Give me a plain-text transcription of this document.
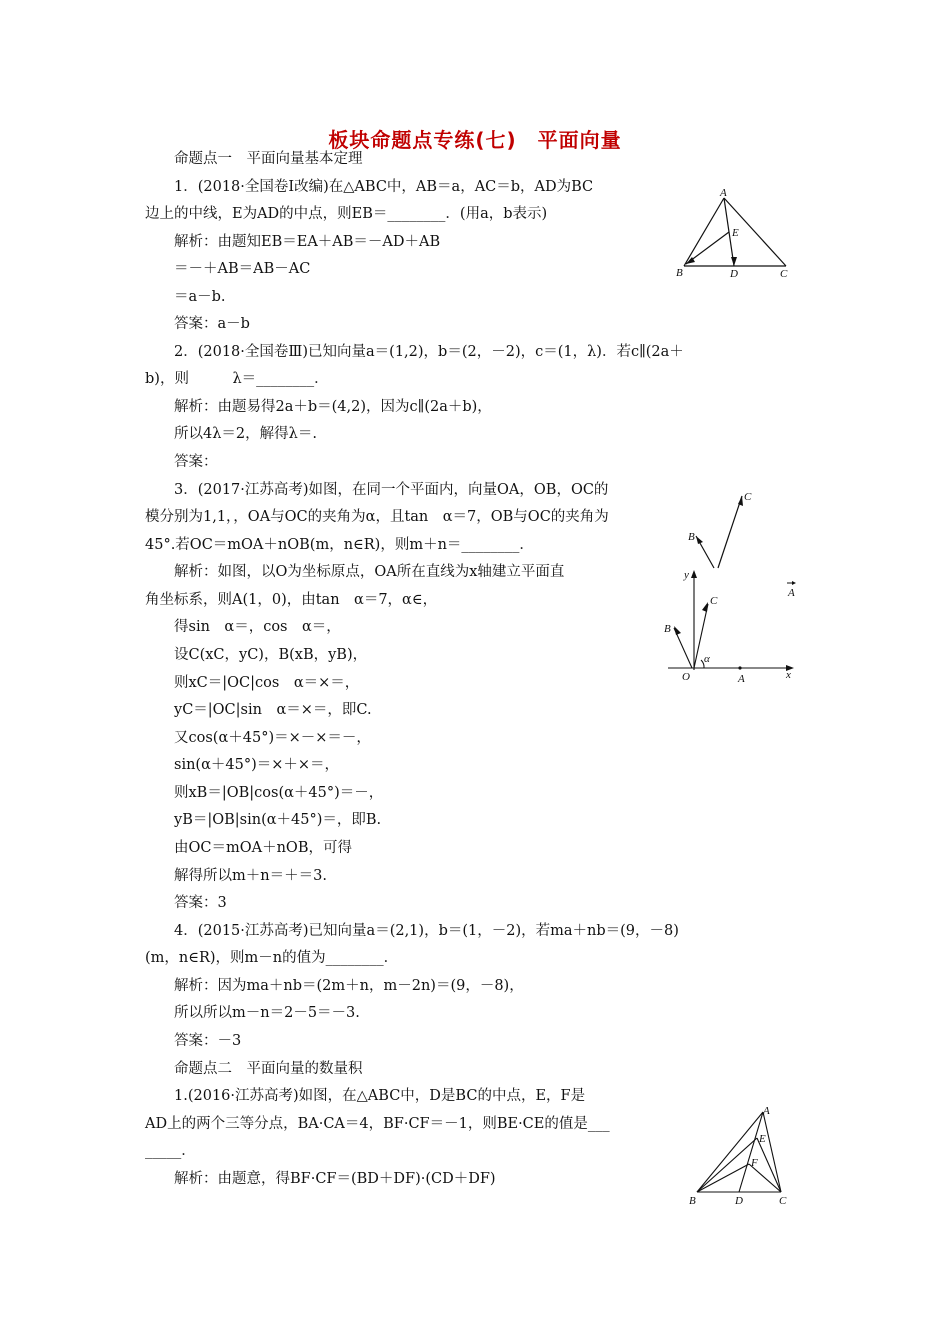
板块命题点专练(七)　平面向量
命题点一　平面向量基本定理
1．(2018·全国卷Ⅰ改编)在△ABC中，AB＝a，AC＝b，AD为BC
边上的中线，E为AD的中点，则EB＝________．(用a，b表示)
解析：由题知EB＝EA＋AB＝－AD＋AB
＝－＋AB＝AB－AC
＝a－b.
答案：a－b
2．(2018·全国卷Ⅲ)已知向量a＝(1,2)，b＝(2，－2)，c＝(1，λ)．若c∥(2a＋
b)，则　　　λ＝________．
解析：由题易得2a＋b＝(4,2)，因为c∥(2a＋b)，
所以4λ＝2，解得λ＝.
答案：
3．(2017·江苏高考)如图，在同一个平面内，向量OA，OB，OC的
模分别为1,1，，OA与OC的夹角为α，且tan　α＝7，OB与OC的夹角为
45°.若OC＝mOA＋nOB(m，n∈R)，则m＋n＝________．
解析：如图，以O为坐标原点，OA所在直线为x轴建立平面直
角坐标系，则A(1，0)，由tan　α＝7，α∈，
得sin　α＝，cos　α＝，
设C(xC，yC)，B(xB，yB)，
则xC＝|OC|cos　α＝×＝，
yC＝|OC|sin　α＝×＝，即C.
又cos(α＋45°)＝×－×＝－，
sin(α＋45°)＝×＋×＝，
则xB＝|OB|cos(α＋45°)＝－，
yB＝|OB|sin(α＋45°)＝，即B.
由OC＝mOA＋nOB，可得
解得所以m＋n＝＋＝3.
答案：3
4．(2015·江苏高考)已知向量a＝(2,1)，b＝(1，－2)，若ma＋nb＝(9，－8)
(m，n∈R)，则m－n的值为________．
解析：因为ma＋nb＝(2m＋n，m－2n)＝(9，－8)，
所以所以m－n＝2－5＝－3.
答案：－3
命题点二　平面向量的数量积
1.(2016·江苏高考)如图，在△ABC中，D是BC的中点，E，F是
AD上的两个三等分点，BA·CA＝4，BF·CF＝－1，则BE·CE的值是___
_____．
解析：由题意，得BF·CF＝(BD＋DF)·(CD＋DF)
A
E
B	D	C
C
B
A
y
C
B
α
O	A	x
A
E
F
B	D	C
